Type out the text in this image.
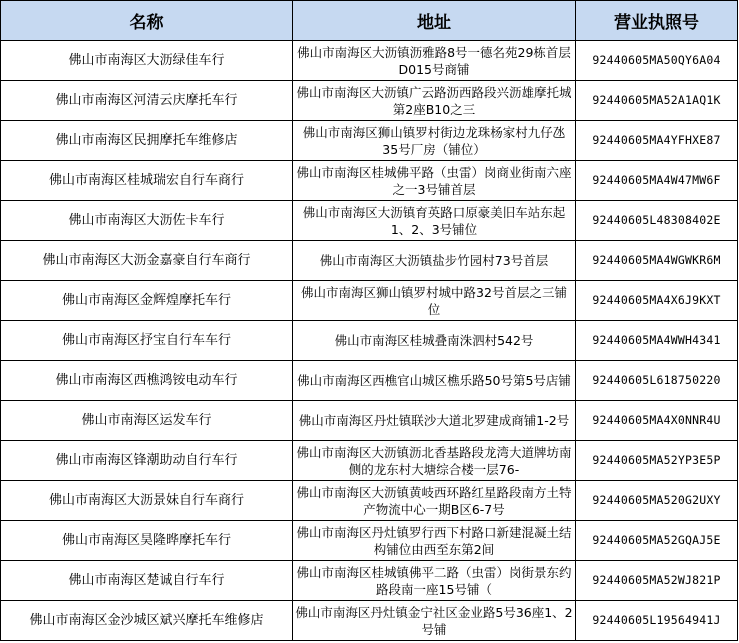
名称	地址	营业执照号
佛山市南海区大沥绿佳车行	佛山市南海区大沥镇沥雅路8号一德名苑29栋首层D015号商铺	92440605MA50QY6A04
佛山市南海区河清云庆摩托车行	佛山市南海区大沥镇广云路沥西路段兴沥雄摩托城第2座B10之三	92440605MA52A1AQ1K
佛山市南海区民拥摩托车维修店	佛山市南海区狮山镇罗村街边龙珠杨家村九仔氹35号厂房（铺位）	92440605MA4YFHXE87
佛山市南海区桂城瑞宏自行车商行	佛山市南海区桂城佛平路（虫雷）岗商业街南六座之一3号铺首层	92440605MA4W47MW6F
佛山市南海区大沥佐卡车行	佛山市南海区大沥镇育英路口原豪美旧车站东起1、2、3号铺位	92440605L48308402E
佛山市南海区大沥金嘉豪自行车商行	佛山市南海区大沥镇盐步竹园村73号首层	92440605MA4WGWKR6M
佛山市南海区金辉煌摩托车行	佛山市南海区狮山镇罗村城中路32号首层之三铺位	92440605MA4X6J9KXT
佛山市南海区抒宝自行车车行	佛山市南海区桂城叠南洙泗村542号	92440605MA4WWH4341
佛山市南海区西樵鸿铵电动车行	佛山市南海区西樵官山城区樵乐路50号第5号店铺	92440605L618750220
佛山市南海区运发车行	佛山市南海区丹灶镇联沙大道北罗建成商铺1-2号	92440605MA4X0NNR4U
佛山市南海区锋潮助动自行车行	佛山市南海区大沥镇沥北香基路段龙湾大道牌坊南侧的龙东村大塘综合楼一层76-	92440605MA52YP3E5P
佛山市南海区大沥景妹自行车商行	佛山市南海区大沥镇黄岐西环路红星路段南方土特产物流中心一期B区6-7号	92440605MA520G2UXY
佛山市南海区昊隆晔摩托车行	佛山市南海区丹灶镇罗行西下村路口新建混凝土结构铺位由西至东第2间	92440605MA52GQAJ5E
佛山市南海区楚诚自行车行	佛山市南海区桂城镇佛平二路（虫雷）岗街景东约路段南一座15号铺（	92440605MA52WJ821P
佛山市南海区金沙城区斌兴摩托车维修店	佛山市南海区丹灶镇金宁社区金业路5号36座1、2号铺	92440605L19564941J
